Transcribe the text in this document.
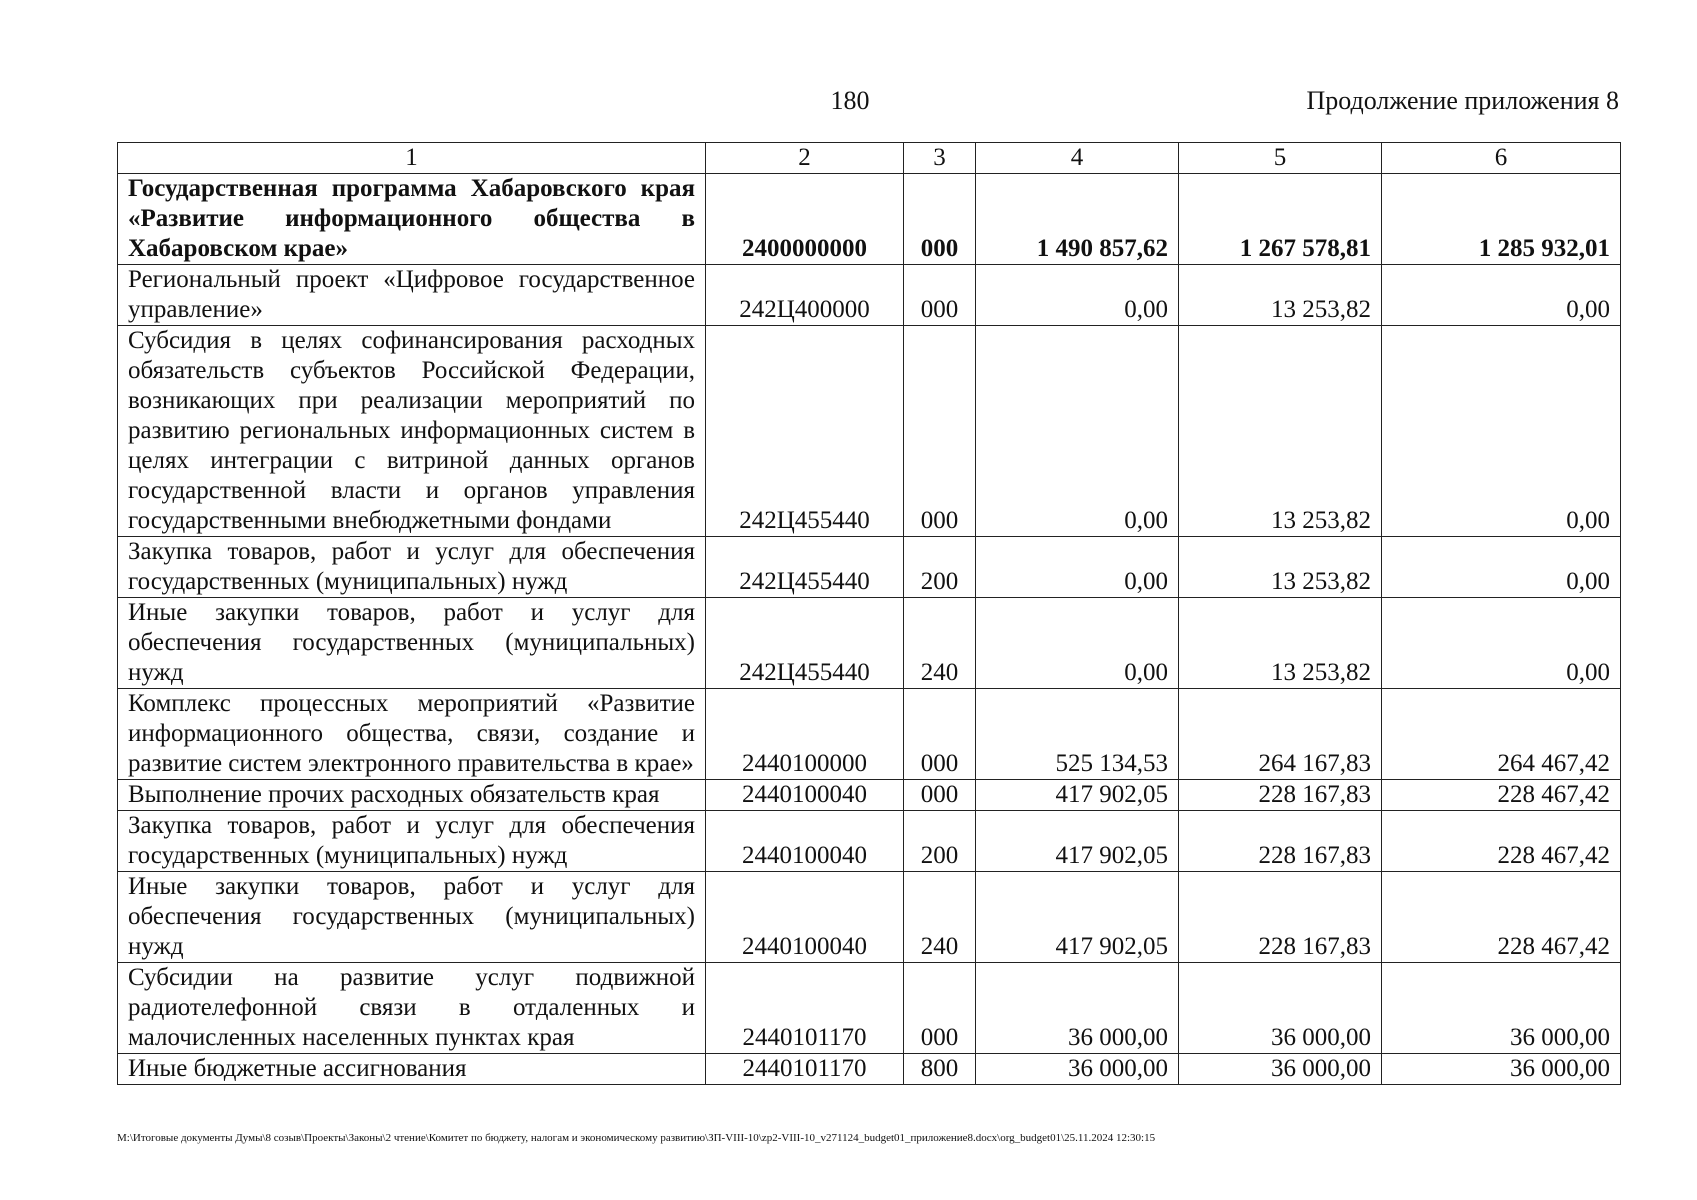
180	Продолжение приложения 8
1	2	3	4	5	6
Государственная программа Хабаровского края «Развитие информационного общества в Хабаровском крае»	2400000000	000	1 490 857,62	1 267 578,81	1 285 932,01
Региональный проект «Цифровое государственное управление»	242Ц400000	000	0,00	13 253,82	0,00
Субсидия в целях софинансирования расходных обязательств субъектов Российской Федерации, возникающих при реализации мероприятий по развитию региональных информационных систем в целях интеграции с витриной данных органов государственной власти и органов управления государственными внебюджетными фондами	242Ц455440	000	0,00	13 253,82	0,00
Закупка товаров, работ и услуг для обеспечения государственных (муниципальных) нужд	242Ц455440	200	0,00	13 253,82	0,00
Иные закупки товаров, работ и услуг для обеспечения государственных (муниципальных) нужд	242Ц455440	240	0,00	13 253,82	0,00
Комплекс процессных мероприятий «Развитие информационного общества, связи, создание и развитие систем электронного правительства в крае»	2440100000	000	525 134,53	264 167,83	264 467,42
Выполнение прочих расходных обязательств края	2440100040	000	417 902,05	228 167,83	228 467,42
Закупка товаров, работ и услуг для обеспечения государственных (муниципальных) нужд	2440100040	200	417 902,05	228 167,83	228 467,42
Иные закупки товаров, работ и услуг для обеспечения государственных (муниципальных) нужд	2440100040	240	417 902,05	228 167,83	228 467,42
Субсидии на развитие услуг подвижной радиотелефонной связи в отдаленных и малочисленных населенных пунктах края	2440101170	000	36 000,00	36 000,00	36 000,00
Иные бюджетные ассигнования	2440101170	800	36 000,00	36 000,00	36 000,00
M:\Итоговые документы Думы\8 созыв\Проекты\Законы\2 чтение\Комитет по бюджету, налогам и экономическому развитию\ЗП-VIII-10\zp2-VIII-10_v271124_budget01_приложение8.docx\org_budget01\25.11.2024 12:30:15
